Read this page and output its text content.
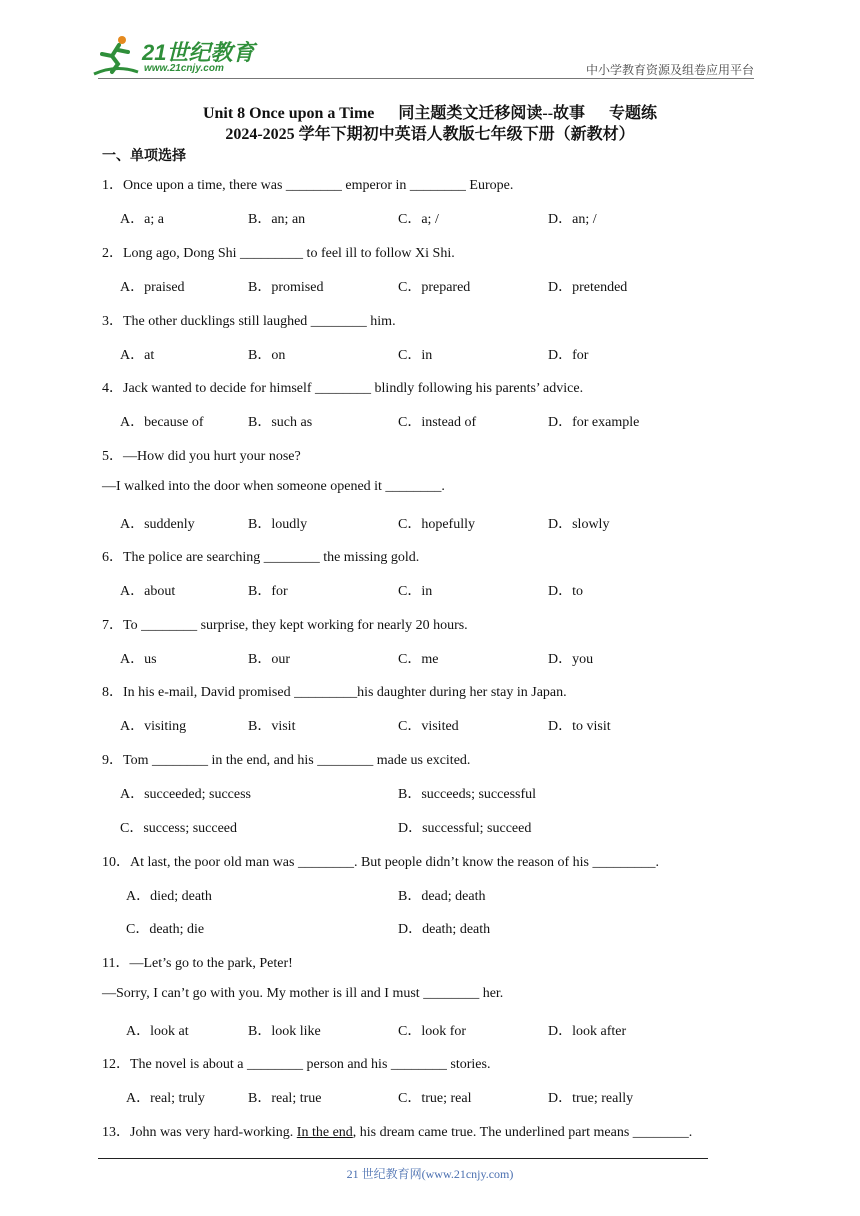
21世纪教育
www.21cnjy.com	中小学教育资源及组卷应用平台
Unit 8 Once upon a Time 同主题类文迁移阅读--故事 专题练
2024-2025 学年下期初中英语人教版七年级下册（新教材）
一、单项选择
1．Once upon a time, there was ________ emperor in ________ Europe.
A．a; a	B．an; an	C．a; /	D．an; /
2．Long ago, Dong Shi _________ to feel ill to follow Xi Shi.
A．praised	B．promised	C．prepared	D．pretended
3．The other ducklings still laughed ________ him.
A．at	B．on	C．in	D．for
4．Jack wanted to decide for himself ________ blindly following his parents’ advice.
A．because of	B．such as	C．instead of	D．for example
5．—How did you hurt your nose?
—I walked into the door when someone opened it ________.
A．suddenly	B．loudly	C．hopefully	D．slowly
6．The police are searching ________ the missing gold.
A．about	B．for	C．in	D．to
7．To ________ surprise, they kept working for nearly 20 hours.
A．us	B．our	C．me	D．you
8．In his e-mail, David promised _________his daughter during her stay in Japan.
A．visiting	B．visit	C．visited	D．to visit
9．Tom ________ in the end, and his ________ made us excited.
A．succeeded; success	B．succeeds; successful
C．success; succeed	D．successful; succeed
10．At last, the poor old man was ________. But people didn’t know the reason of his _________.
A．died; death	B．dead; death
C．death; die	D．death; death
11．—Let’s go to the park, Peter!
—Sorry, I can’t go with you. My mother is ill and I must ________ her.
A．look at	B．look like	C．look for	D．look after
12．The novel is about a ________ person and his ________ stories.
A．real; truly	B．real; true	C．true; real	D．true; really
13．John was very hard-working. In the end, his dream came true. The underlined part means ________.
21 世纪教育网(www.21cnjy.com)
